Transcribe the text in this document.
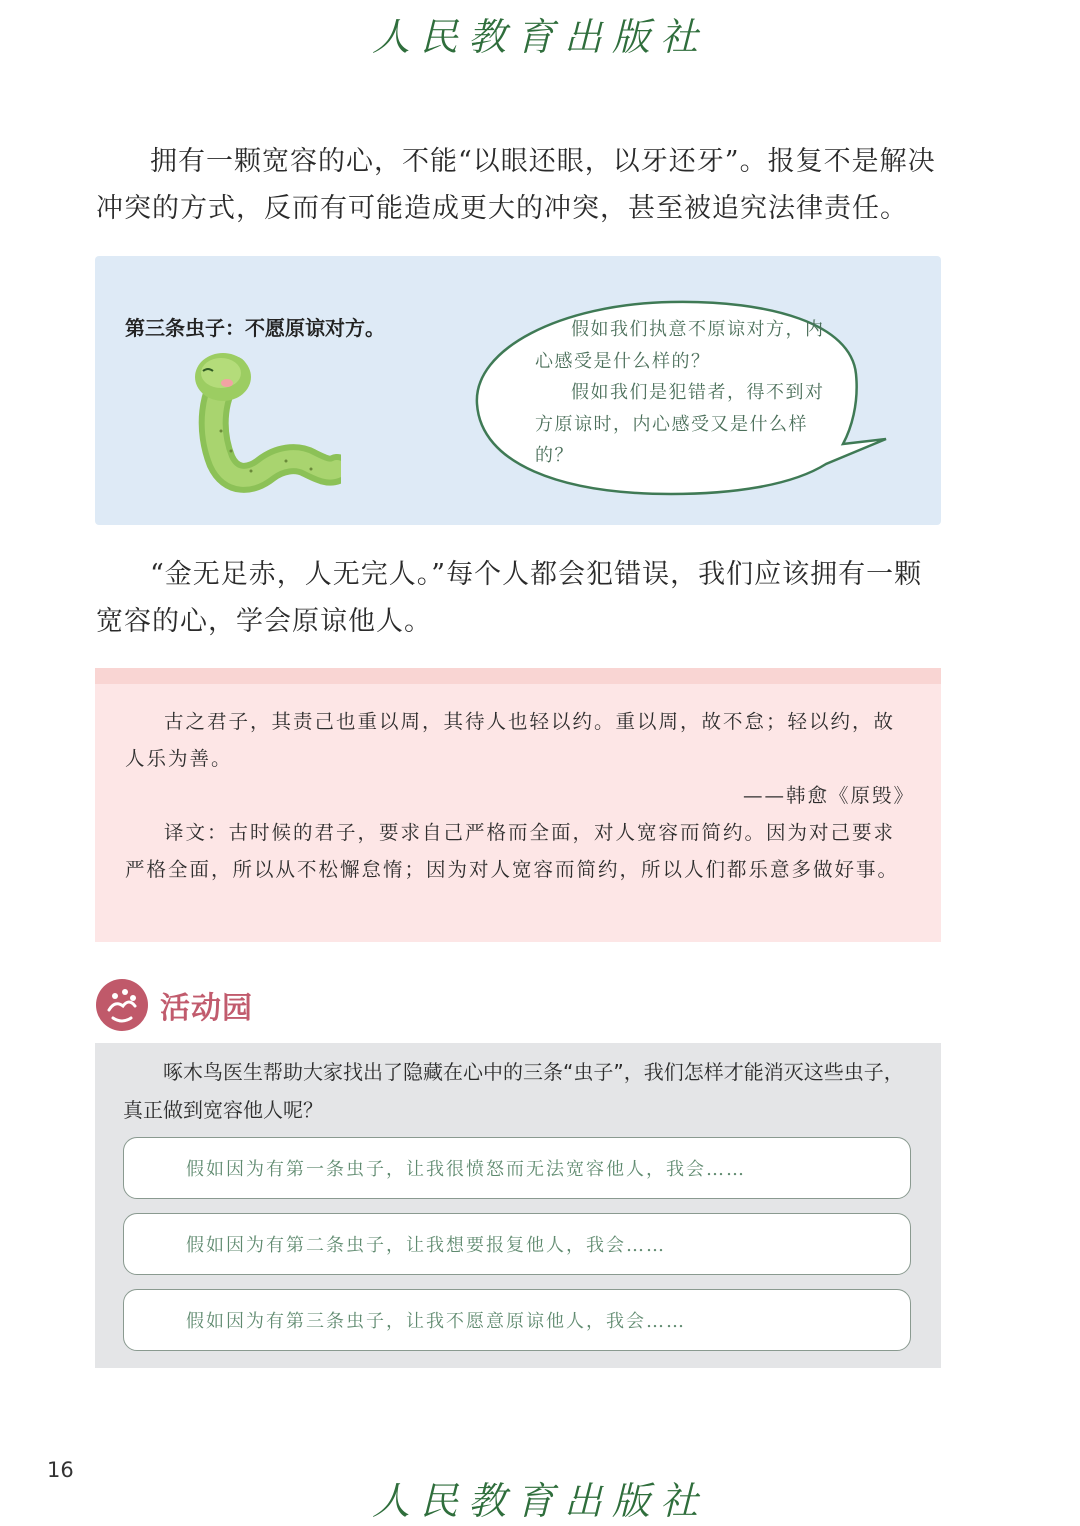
人民教育出版社
拥有一颗宽容的心，不能“以眼还眼，以牙还牙”。报复不是解决冲突的方式，反而有可能造成更大的冲突，甚至被追究法律责任。
第三条虫子：不愿原谅对方。	假如我们执意不原谅对方，内心感受是什么样的？

假如我们是犯错者，得不到对方原谅时，内心感受又是什么样的？

“金无足赤，人无完人。”每个人都会犯错误，我们应该拥有一颗宽容的心，学会原谅他人。

古之君子，其责己也重以周，其待人也轻以约。重以周，故不怠；轻以约，故人乐为善。

——韩愈《原毁》

译文：古时候的君子，要求自己严格而全面，对人宽容而简约。因为对己要求严格全面，所以从不松懈怠惰；因为对人宽容而简约，所以人们都乐意多做好事。

活动园
啄木鸟医生帮助大家找出了隐藏在心中的三条“虫子”，我们怎样才能消灭这些虫子，真正做到宽容他人呢？
假如因为有第一条虫子，让我很愤怒而无法宽容他人，我会……
假如因为有第二条虫子，让我想要报复他人，我会……
假如因为有第三条虫子，让我不愿意原谅他人，我会……
16
人民教育出版社
